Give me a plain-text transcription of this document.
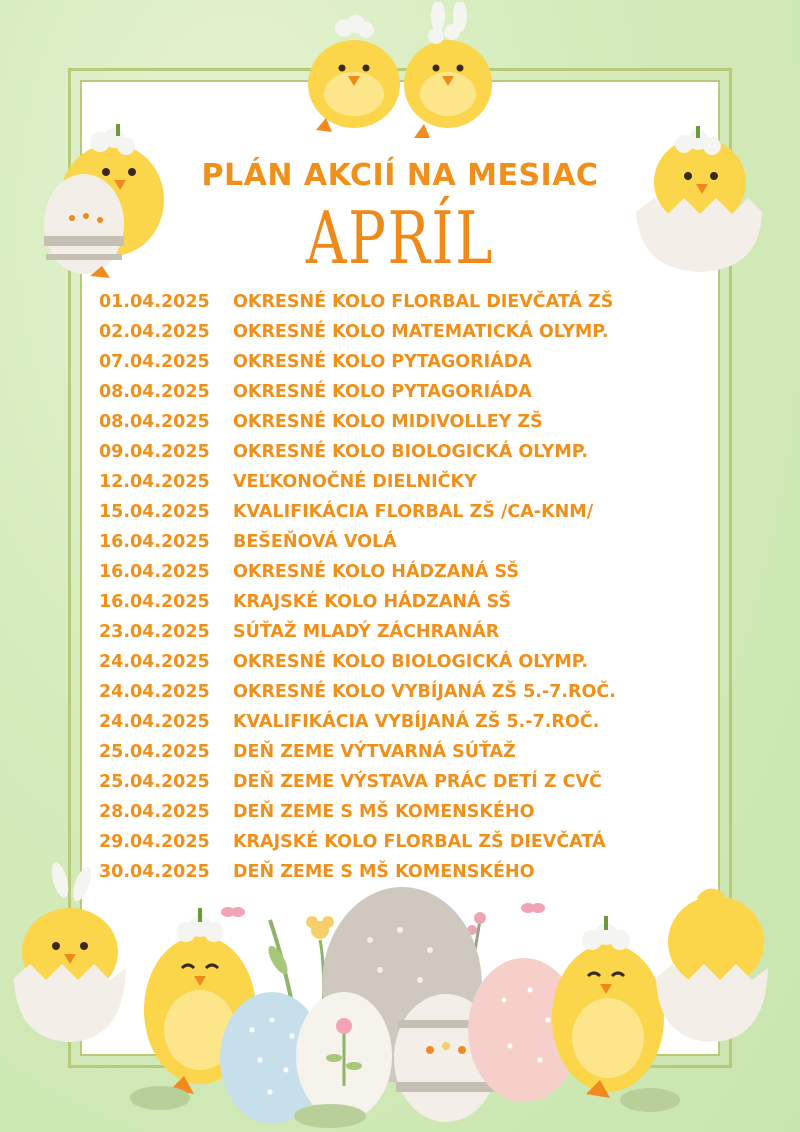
PLÁN AKCIÍ NA MESIAC
APRÍL
01.04.2025 OKRESNÉ KOLO FLORBAL DIEVČATÁ ZŠ
02.04.2025 OKRESNÉ KOLO MATEMATICKÁ OLYMP.
07.04.2025 OKRESNÉ KOLO PYTAGORIÁDA
08.04.2025 OKRESNÉ KOLO PYTAGORIÁDA
08.04.2025 OKRESNÉ KOLO MIDIVOLLEY ZŠ
09.04.2025 OKRESNÉ KOLO BIOLOGICKÁ OLYMP.
12.04.2025 VEĽKONOČNÉ DIELNIČKY
15.04.2025 KVALIFIKÁCIA FLORBAL ZŠ /CA-KNM/
16.04.2025 BEŠEŇOVÁ VOLÁ
16.04.2025 OKRESNÉ KOLO HÁDZANÁ SŠ
16.04.2025 KRAJSKÉ KOLO HÁDZANÁ SŠ
23.04.2025 SÚŤAŽ MLADÝ ZÁCHRANÁR
24.04.2025 OKRESNÉ KOLO BIOLOGICKÁ OLYMP.
24.04.2025 OKRESNÉ KOLO VYBÍJANÁ ZŠ 5.-7.ROČ.
24.04.2025 KVALIFIKÁCIA VYBÍJANÁ ZŠ 5.-7.ROČ.
25.04.2025 DEŇ ZEME VÝTVARNÁ SÚŤAŽ
25.04.2025 DEŇ ZEME VÝSTAVA PRÁC DETÍ Z CVČ
28.04.2025 DEŇ ZEME S MŠ KOMENSKÉHO
29.04.2025 KRAJSKÉ KOLO FLORBAL ZŠ DIEVČATÁ
30.04.2025 DEŇ ZEME S MŠ KOMENSKÉHO
